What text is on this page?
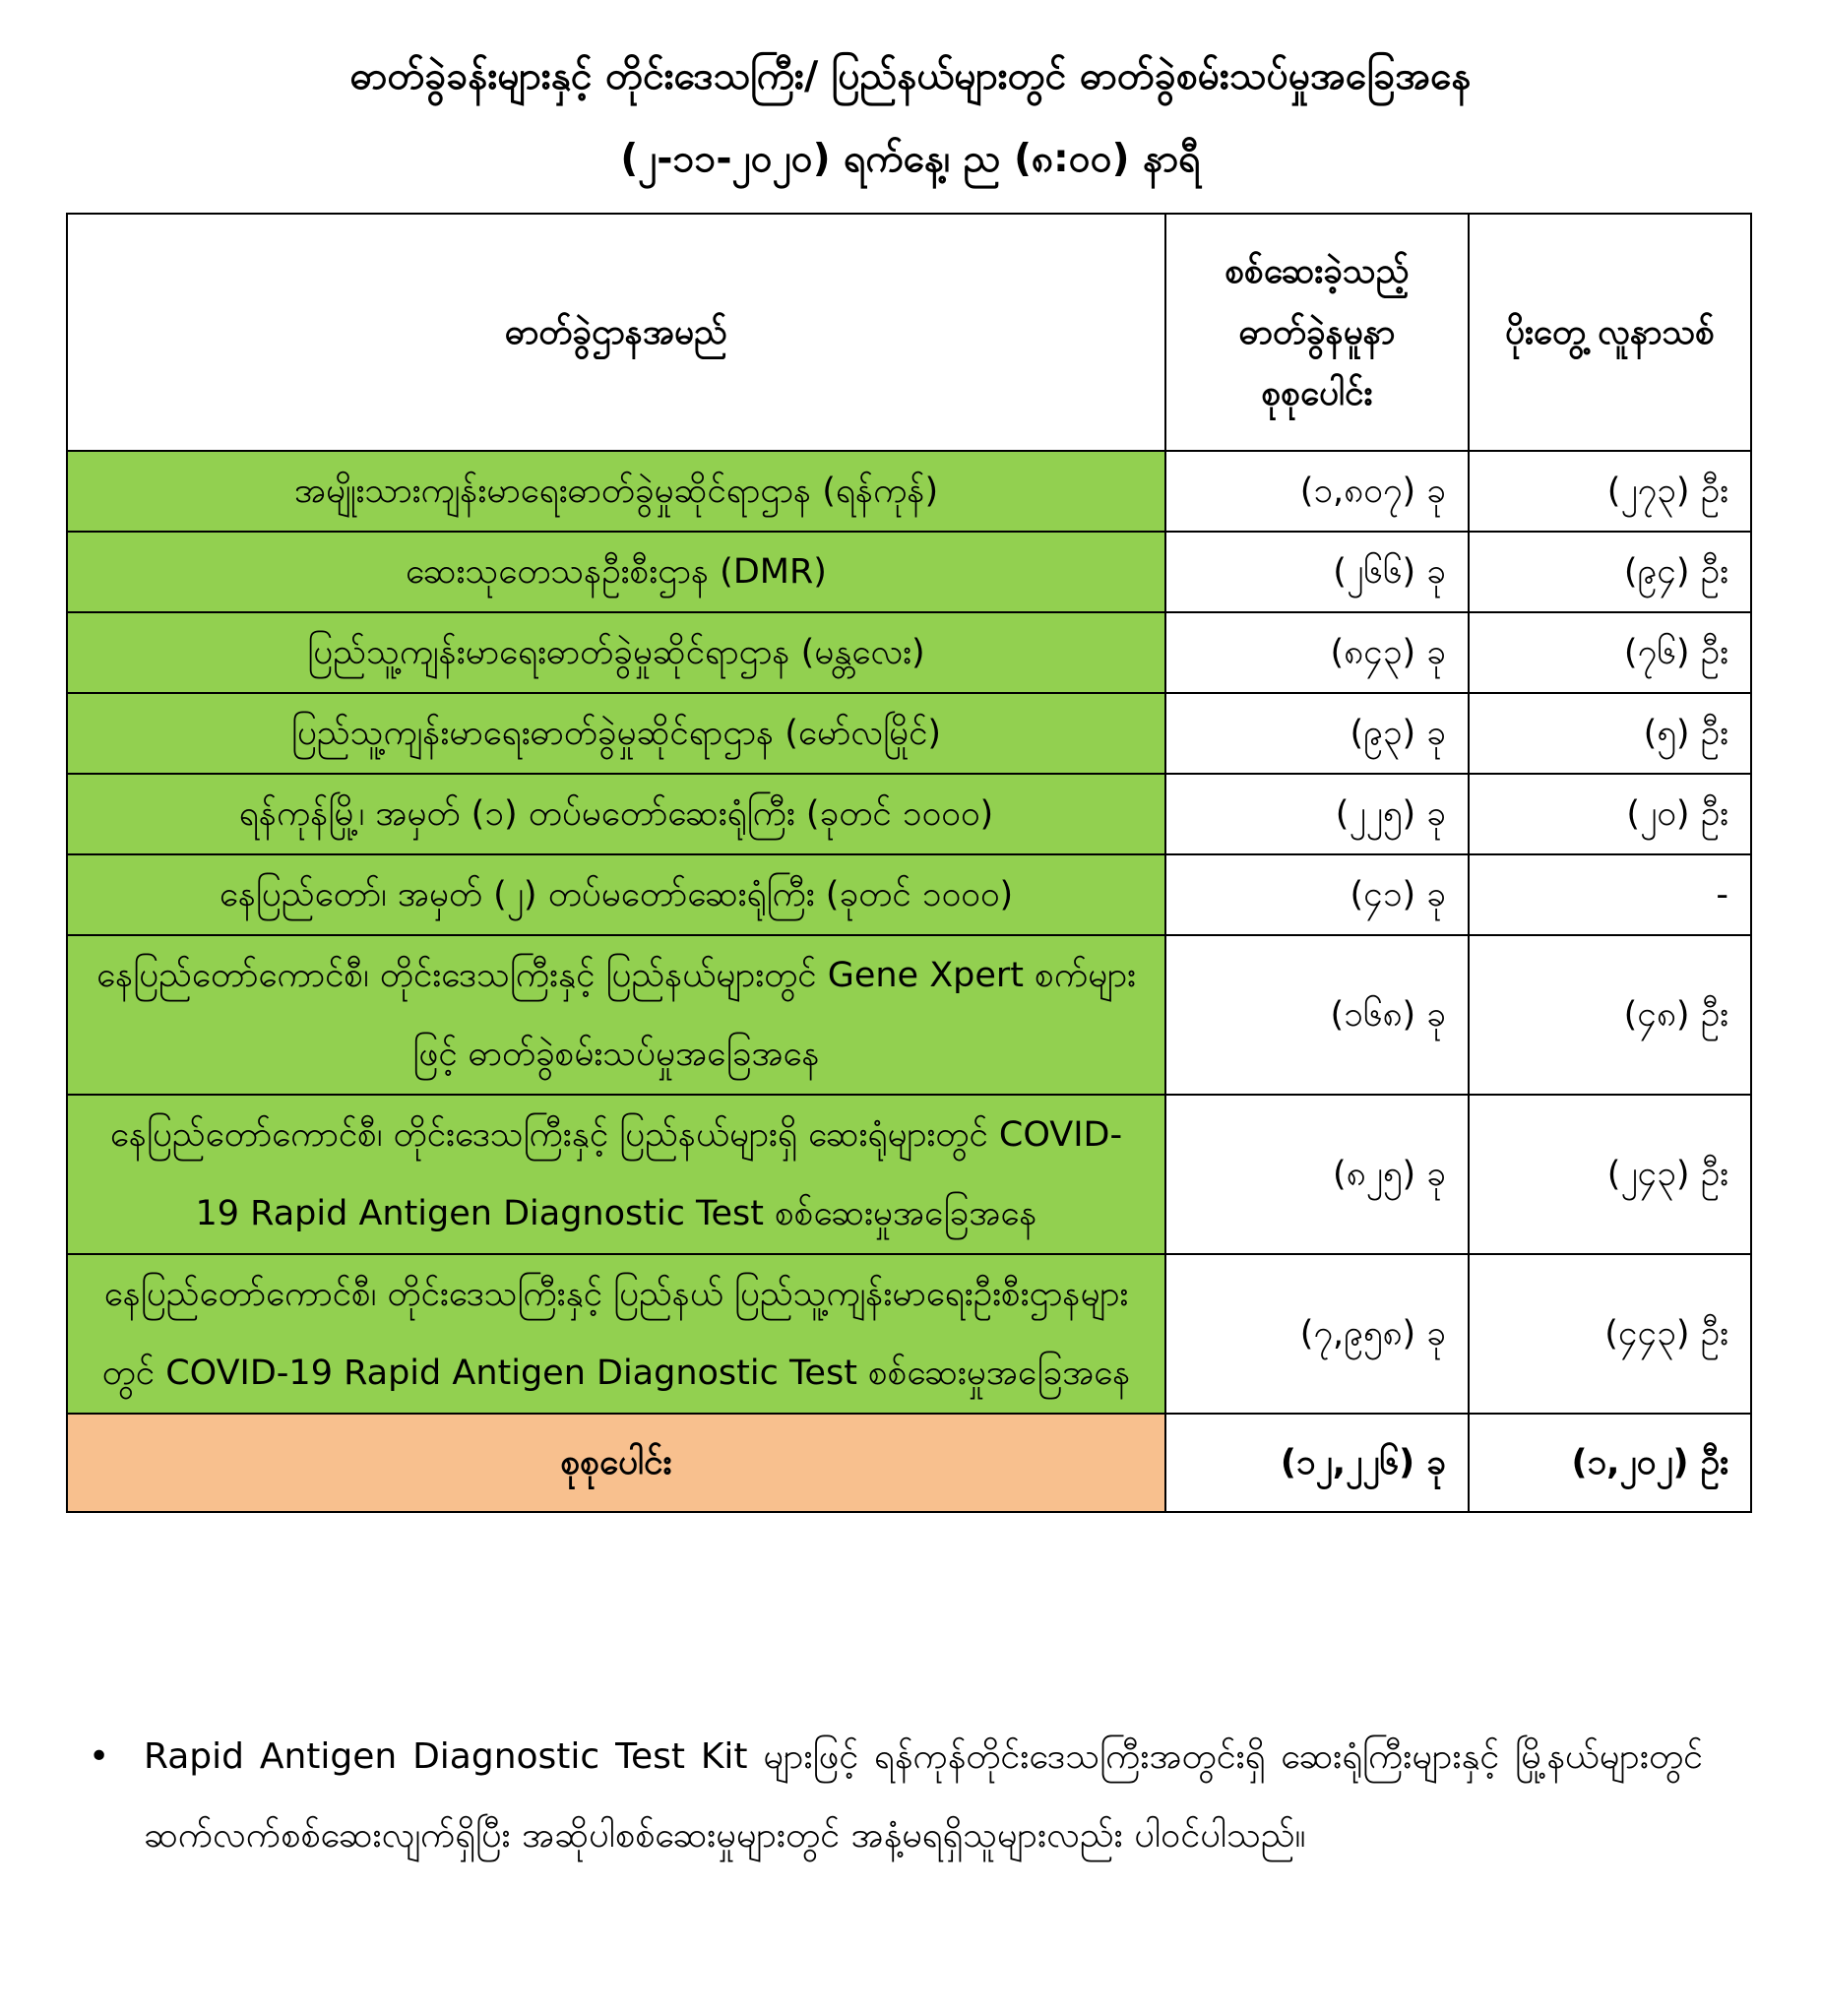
ဓာတ်ခွဲခန်းများနှင့် တိုင်းဒေသကြီး/ ပြည်နယ်များတွင် ဓာတ်ခွဲစမ်းသပ်မှုအခြေအနေ
(၂-၁၁-၂၀၂၀) ရက်နေ့၊ ည (၈:၀၀) နာရီ
ဓာတ်ခွဲဌာနအမည်	စစ်ဆေးခဲ့သည့် ဓာတ်ခွဲနမူနာ စုစုပေါင်း	ပိုးတွေ့ လူနာသစ်
အမျိုးသားကျန်းမာရေးဓာတ်ခွဲမှုဆိုင်ရာဌာန (ရန်ကုန်)	(၁,၈၀၇) ခု	(၂၇၃) ဦး
ဆေးသုတေသနဦးစီးဌာန (DMR)	(၂၆၆) ခု	(၉၄) ဦး
ပြည်သူ့ကျန်းမာရေးဓာတ်ခွဲမှုဆိုင်ရာဌာန (မန္တလေး)	(၈၄၃) ခု	(၇၆) ဦး
ပြည်သူ့ကျန်းမာရေးဓာတ်ခွဲမှုဆိုင်ရာဌာန (မော်လမြိုင်)	(၉၃) ခု	(၅) ဦး
ရန်ကုန်မြို့၊ အမှတ် (၁) တပ်မတော်ဆေးရုံကြီး (ခုတင် ၁၀၀၀)	(၂၂၅) ခု	(၂၀) ဦး
နေပြည်တော်၊ အမှတ် (၂) တပ်မတော်ဆေးရုံကြီး (ခုတင် ၁၀၀၀)	(၄၁) ခု	-
နေပြည်တော်ကောင်စီ၊ တိုင်းဒေသကြီးနှင့် ပြည်နယ်များတွင် Gene Xpert စက်များဖြင့် ဓာတ်ခွဲစမ်းသပ်မှုအခြေအနေ	(၁၆၈) ခု	(၄၈) ဦး
နေပြည်တော်ကောင်စီ၊ တိုင်းဒေသကြီးနှင့် ပြည်နယ်များရှိ ဆေးရုံများတွင် COVID-19 Rapid Antigen Diagnostic Test စစ်ဆေးမှုအခြေအနေ	(၈၂၅) ခု	(၂၄၃) ဦး
နေပြည်တော်ကောင်စီ၊ တိုင်းဒေသကြီးနှင့် ပြည်နယ် ပြည်သူ့ကျန်းမာရေးဦးစီးဌာနများတွင် COVID-19 Rapid Antigen Diagnostic Test စစ်ဆေးမှုအခြေအနေ	(၇,၉၅၈) ခု	(၄၄၃) ဦး
စုစုပေါင်း	(၁၂,၂၂၆) ခု	(၁,၂၀၂) ဦး
• Rapid Antigen Diagnostic Test Kit များဖြင့် ရန်ကုန်တိုင်းဒေသကြီးအတွင်းရှိ ဆေးရုံကြီးများနှင့် မြို့နယ်များတွင် ဆက်လက်စစ်ဆေးလျက်ရှိပြီး အဆိုပါစစ်ဆေးမှုများတွင် အနံ့မရရှိသူများလည်း ပါဝင်ပါသည်။
